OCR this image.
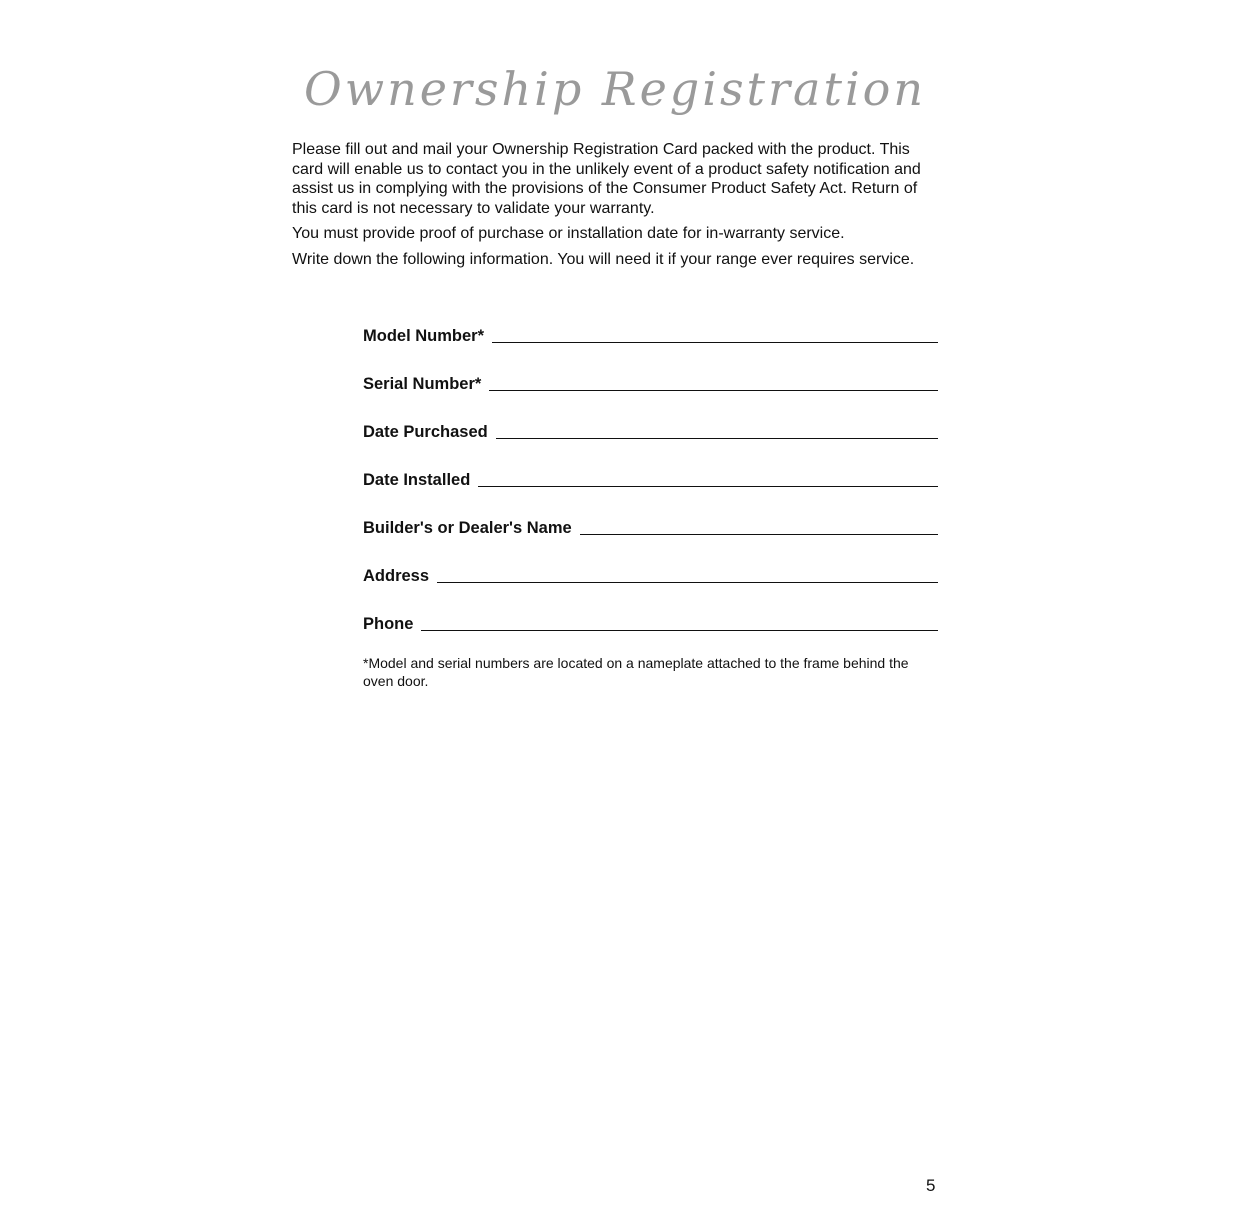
Ownership Registration

Please fill out and mail your Ownership Registration Card packed with the product. This card will enable us to contact you in the unlikely event of a product safety notification and assist us in complying with the provisions of the Consumer Product Safety Act. Return of this card is not necessary to validate your warranty.

You must provide proof of purchase or installation date for in-warranty service.

Write down the following information. You will need it if your range ever requires service.

Model Number*
Serial Number*
Date Purchased
Date Installed
Builder's or Dealer's Name
Address
Phone
*Model and serial numbers are located on a nameplate attached to the frame behind the oven door.
5
